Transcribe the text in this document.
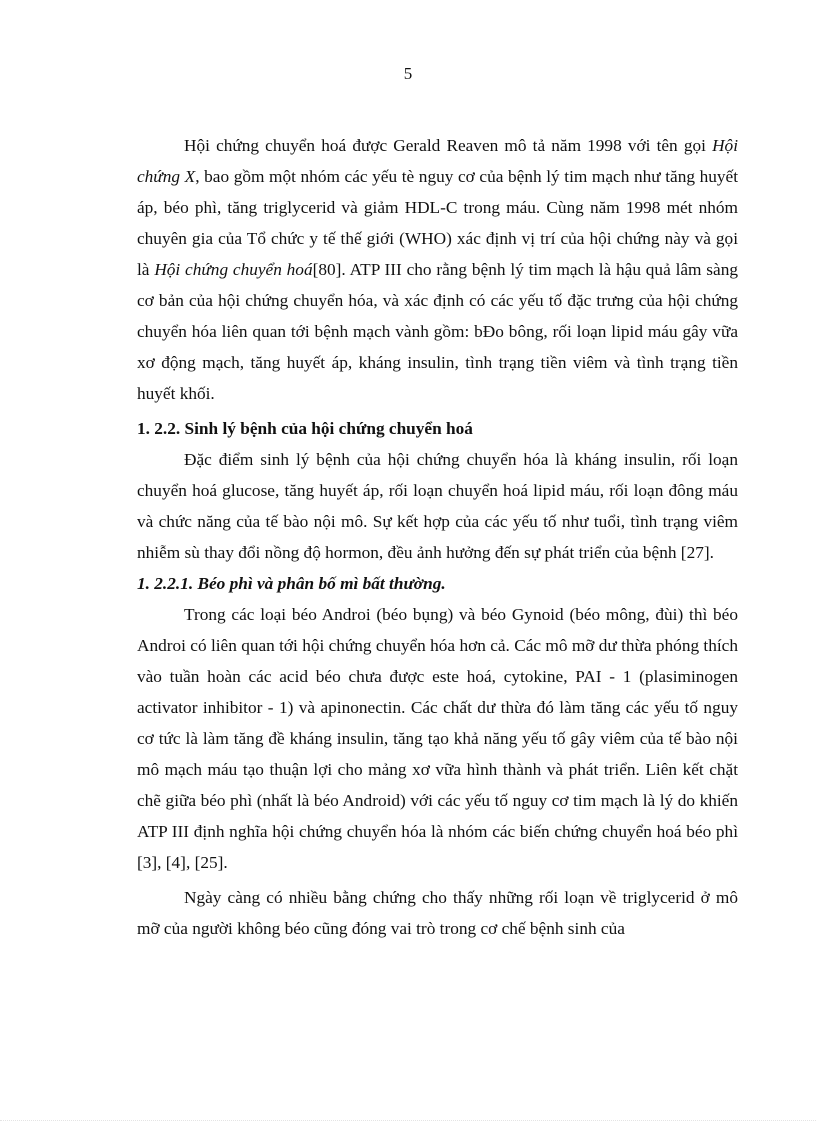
5

Hội chứng chuyển hoá được Gerald Reaven mô tả năm 1998 với tên gọi Hội chứng X, bao gồm một nhóm các yếu tè nguy cơ của bệnh lý tim mạch như tăng huyết áp, béo phì, tăng triglycerid và giảm HDL-C trong máu. Cùng năm 1998 mét nhóm chuyên gia của Tổ chức y tế thế giới (WHO) xác định vị trí của hội chứng này và gọi là Hội chứng chuyển hoá[80]. ATP III cho rằng bệnh lý tim mạch là hậu quả lâm sàng cơ bản của hội chứng chuyển hóa, và xác định có các yếu tố đặc trưng của hội chứng chuyển hóa liên quan tới bệnh mạch vành gồm: bĐo bông, rối loạn lipid máu gây vữa xơ động mạch, tăng huyết áp, kháng insulin, tình trạng tiền viêm và tình trạng tiền huyết khối.

1. 2.2. Sinh lý bệnh của hội chứng chuyển hoá

Đặc điểm sinh lý bệnh của hội chứng chuyển hóa là kháng insulin, rối loạn chuyển hoá glucose, tăng huyết áp, rối loạn chuyển hoá lipid máu, rối loạn đông máu và chức năng của tế bào nội mô. Sự kết hợp của các yếu tố như tuổi, tình trạng viêm nhiễm sù thay đổi nồng độ hormon, đều ảnh hưởng đến sự phát triển của bệnh [27].

1. 2.2.1. Béo phì và phân bố mì bất thường.

Trong các loại béo Androi (béo bụng) và béo Gynoid (béo mông, đùi) thì béo Androi có liên quan tới hội chứng chuyển hóa hơn cả. Các mô mỡ dư thừa phóng thích vào tuần hoàn các acid béo chưa được este hoá, cytokine, PAI - 1 (plasiminogen activator inhibitor - 1) và apinonectin. Các chất dư thừa đó làm tăng các yếu tố nguy cơ tức là làm tăng đề kháng insulin, tăng tạo khả năng yếu tố gây viêm của tế bào nội mô mạch máu tạo thuận lợi cho mảng xơ vữa hình thành và phát triển. Liên kết chặt chẽ giữa béo phì (nhất là béo Android) với các yếu tố nguy cơ tim mạch là lý do khiến ATP III định nghĩa hội chứng chuyển hóa là nhóm các biến chứng chuyển hoá béo phì [3], [4], [25].

Ngày càng có nhiều bằng chứng cho thấy những rối loạn về triglycerid ở mô mỡ của người không béo cũng đóng vai trò trong cơ chế bệnh sinh của
